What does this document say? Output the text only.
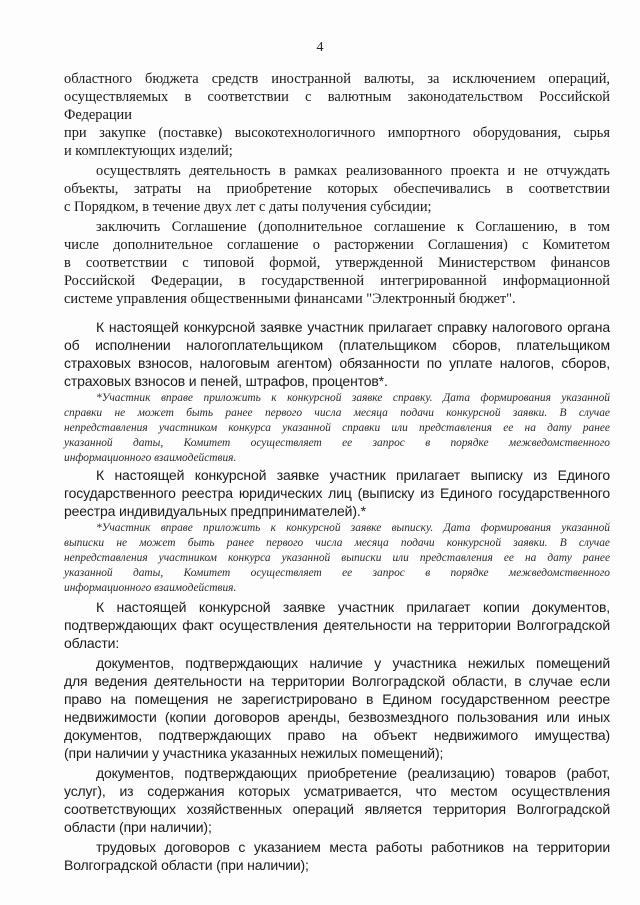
4
областного бюджета средств иностранной валюты, за исключением операций,
осуществляемых в соответствии с валютным законодательством Российской
Федерации
при закупке (поставке) высокотехнологичного импортного оборудования, сырья
и комплектующих изделий;
осуществлять деятельность в рамках реализованного проекта и не отчуждать
объекты, затраты на приобретение которых обеспечивались в соответствии
с Порядком, в течение двух лет с даты получения субсидии;
заключить Соглашение (дополнительное соглашение к Соглашению, в том
числе дополнительное соглашение о расторжении Соглашения) с Комитетом
в соответствии с типовой формой, утвержденной Министерством финансов
Российской Федерации, в государственной интегрированной информационной
системе управления общественными финансами "Электронный бюджет".
К настоящей конкурсной заявке участник прилагает справку налогового органа
об исполнении налогоплательщиком (плательщиком сборов, плательщиком
страховых взносов, налоговым агентом) обязанности по уплате налогов, сборов,
страховых взносов и пеней, штрафов, процентов*.
*Участник вправе приложить к конкурсной заявке справку. Дата формирования указанной
справки не может быть ранее первого числа месяца подачи конкурсной заявки. В случае
непредставления участником конкурса указанной справки или представления ее на дату ранее
указанной даты, Комитет осуществляет ее запрос в порядке межведомственного
информационного взаимодействия.
К настоящей конкурсной заявке участник прилагает выписку из Единого
государственного реестра юридических лиц (выписку из Единого государственного
реестра индивидуальных предпринимателей).*
*Участник вправе приложить к конкурсной заявке выписку. Дата формирования указанной
выписки не может быть ранее первого числа месяца подачи конкурсной заявки. В случае
непредставления участником конкурса указанной выписки или представления ее на дату ранее
указанной даты, Комитет осуществляет ее запрос в порядке межведомственного
информационного взаимодействия.
К настоящей конкурсной заявке участник прилагает копии документов,
подтверждающих факт осуществления деятельности на территории Волгоградской
области:
документов, подтверждающих наличие у участника нежилых помещений
для ведения деятельности на территории Волгоградской области, в случае если
право на помещения не зарегистрировано в Едином государственном реестре
недвижимости (копии договоров аренды, безвозмездного пользования или иных
документов, подтверждающих право на объект недвижимого имущества)
(при наличии у участника указанных нежилых помещений);
документов, подтверждающих приобретение (реализацию) товаров (работ,
услуг), из содержания которых усматривается, что местом осуществления
соответствующих хозяйственных операций является территория Волгоградской
области (при наличии);
трудовых договоров с указанием места работы работников на территории
Волгоградской области (при наличии);
